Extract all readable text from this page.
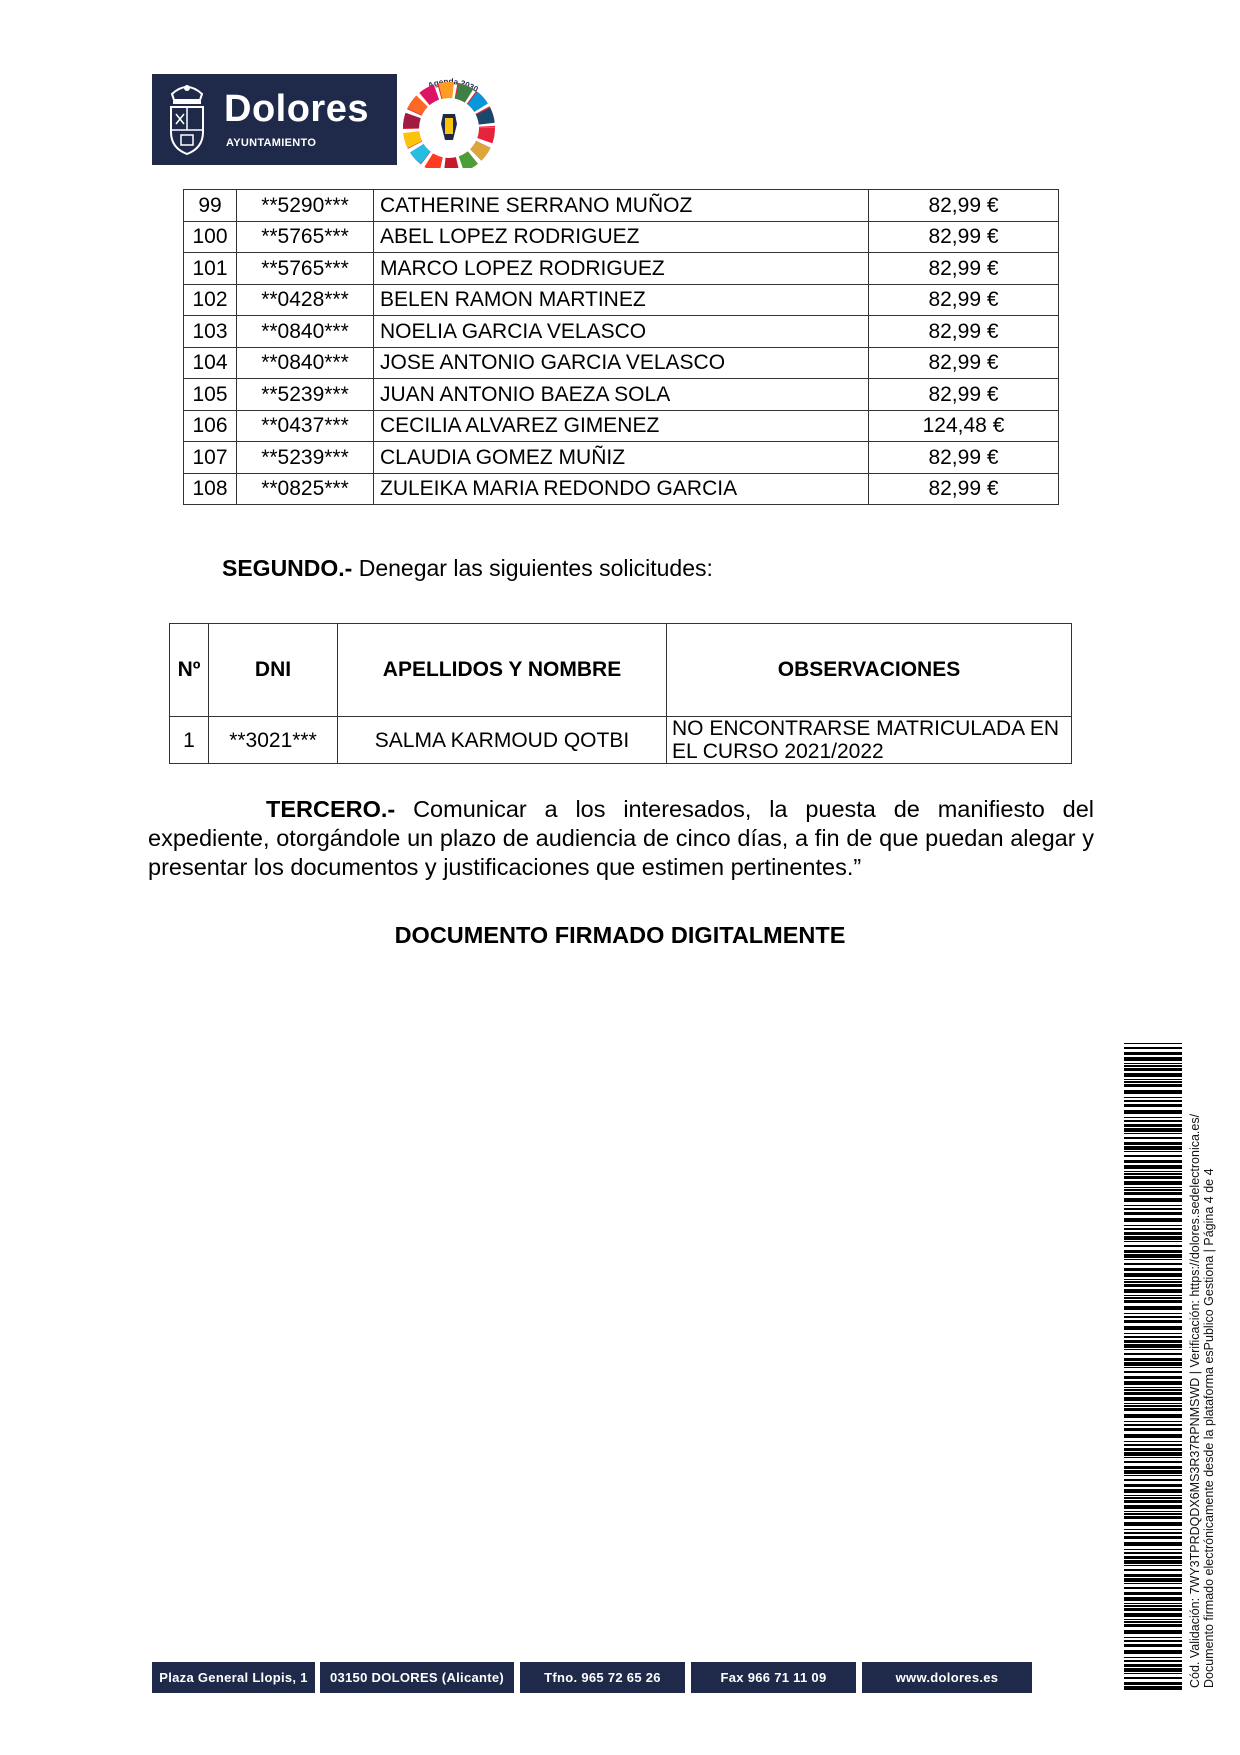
Dolores
AYUNTAMIENTO
Agenda 2030
99	**5290***	CATHERINE SERRANO MUÑOZ	82,99 €
100	**5765***	ABEL LOPEZ RODRIGUEZ	82,99 €
101	**5765***	MARCO LOPEZ RODRIGUEZ	82,99 €
102	**0428***	BELEN RAMON MARTINEZ	82,99 €
103	**0840***	NOELIA GARCIA VELASCO	82,99 €
104	**0840***	JOSE ANTONIO GARCIA VELASCO	82,99 €
105	**5239***	JUAN ANTONIO BAEZA SOLA	82,99 €
106	**0437***	CECILIA ALVAREZ GIMENEZ	124,48 €
107	**5239***	CLAUDIA GOMEZ MUÑIZ	82,99 €
108	**0825***	ZULEIKA MARIA REDONDO GARCIA	82,99 €
SEGUNDO.- Denegar las siguientes solicitudes:
Nº	DNI	APELLIDOS Y NOMBRE	OBSERVACIONES
1	**3021***	SALMA KARMOUD QOTBI	NO ENCONTRARSE MATRICULADA EN EL CURSO 2021/2022
TERCERO.- Comunicar a los interesados, la puesta de manifiesto del expediente, otorgándole un plazo de audiencia de cinco días, a fin de que puedan alegar y presentar los documentos y justificaciones que estimen pertinentes.”
DOCUMENTO FIRMADO DIGITALMENTE
Cód. Validación: 7WY3TPRDQDX6MS3R37RPNMSWD | Verificación: https://dolores.sedelectronica.es/ Documento firmado electrónicamente desde la plataforma esPublico Gestiona | Página 4 de 4
Plaza General Llopis, 1	03150 DOLORES (Alicante)	Tfno. 965 72 65 26	Fax 966 71 11 09	www.dolores.es
